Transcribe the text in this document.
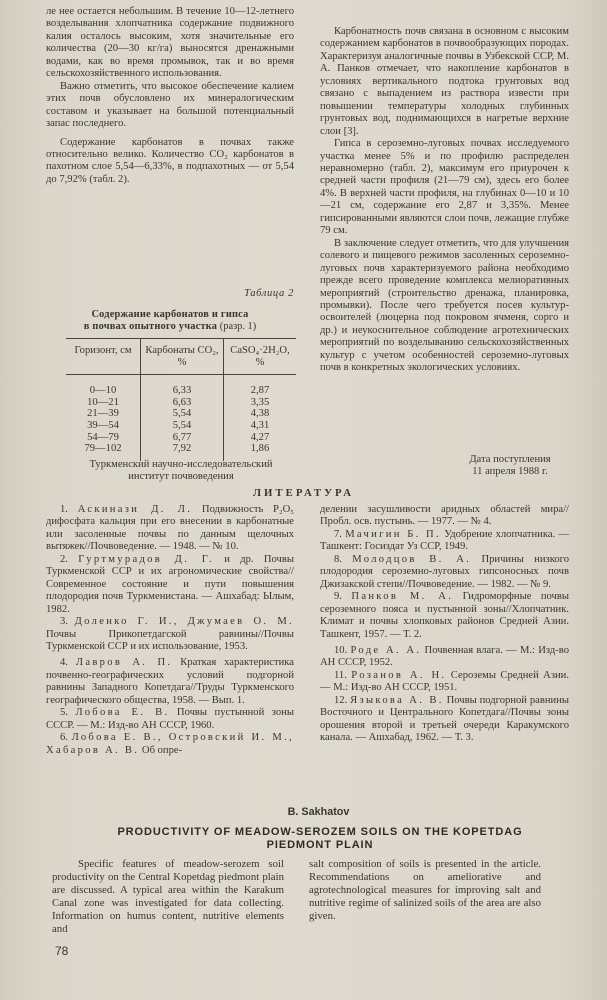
ле нее остается небольшим. В течение 10—12-летнего возделывания хлопчатника содержание подвижного калия осталось высоким, хотя значительные его количества (20—30 кг/га) выносятся дренажными водами, как во время промывок, так и во время сельскохозяйственного использования.

Важно отметить, что высокое обеспечение калием этих почв обусловлено их минералогическим составом и указывает на большой потенциальный запас последнего.

Содержание карбонатов в почвах также относительно велико. Количество CO₂ карбонатов в пахотном слое 5,54—6,33%, в подпахотных — от 5,54 до 7,92% (табл. 2).

Таблица 2
Содержание карбонатов и гипса
в почвах опытного участка (разр. 1)
Горизонт, см	Карбонаты CO₂, %	CaSO₄·2H₂O, %
0—10	6,33	2,87
10—21	6,63	3,35
21—39	5,54	4,38
39—54	5,54	4,31
54—79	6,77	4,27
79—102	7,92	1,86
Туркменский научно-исследовательский
институт почвоведения

Карбонатность почв связана в основном с высоким содержанием карбонатов в почвообразующих породах. Характеризуя аналогичные почвы в Узбекской ССР, М. А. Панков отмечает, что накопление карбонатов в условиях вертикального подтока грунтовых вод связано с выпадением из раствора извести при повышении температуры холодных глубинных грунтовых вод, поднимающихся в нагретые верхние слои [3].

Гипса в сероземно-луговых почвах исследуемого участка менее 5% и по профилю распределен неравномерно (табл. 2), максимум его приурочен к средней части профиля (21—79 см), здесь его более 4%. В верхней части профиля, на глубинах 0—10 и 10—21 см, содержание его 2,87 и 3,35%. Менее гипсированными являются слои почв, лежащие глубже 79 см.

В заключение следует отметить, что для улучшения солевого и пищевого режимов засоленных сероземно-луговых почв характеризуемого района необходимо прежде всего проведение комплекса мелиоративных мероприятий (строительство дренажа, планировка, промывки). После чего требуется посев культур-освоителей (люцерна под покровом ячменя, сорго и др.) и неукоснительное соблюдение агротехнических мероприятий по возделыванию сельскохозяйственных культур с учетом особенностей сероземно-луговых почв в конкретных экологических условиях.

Дата поступления
11 апреля 1988 г.
ЛИТЕРАТУРА

1. Аскинази Д. Л. Подвижность P₂O₅ дифосфата кальция при его внесении в карбонатные или засоленные почвы по данным щелочных вытяжек//Почвоведение. — 1948. — № 10.

2. Гуртмурадов Д. Г. и др. Почвы Туркменской ССР и их агрономические свойства//Современное состояние и пути повышения плодородия почв Туркменистана. — Ашхабад: Ылым, 1982.

3. Доленко Г. И., Джумаев О. М. Почвы Прикопетдагской равнины//Почвы Туркменской ССР и их использование, 1953.

4. Лавров А. П. Краткая характеристика почвенно-географических условий подгорной равнины Западного Копетдага//Труды Туркменского географического общества, 1958. — Вып. 1.

5. Лобова Е. В. Почвы пустынной зоны СССР. — М.: Изд-во АН СССР, 1960.

6. Лобова Е. В., Островский И. М., Хабаров А. В. Об опре-

делении засушливости аридных областей мира//Пробл. осв. пустынь. — 1977. — № 4.

7. Мачигин Б. П. Удобрение хлопчатника. — Ташкент: Госиздат Уз ССР, 1949.

8. Молодцов В. А. Причины низкого плодородия сероземно-луговых гипсоносных почв Джизакской степи//Почвоведение. — 1982. — № 9.

9. Панков М. А. Гидроморфные почвы сероземного пояса и пустынной зоны//Хлопчатник. Климат и почвы хлопковых районов Средней Азии. Ташкент, 1957. — Т. 2.

10. Роде А. А. Почвенная влага. — М.: Изд-во АН СССР, 1952.

11. Розанов А. Н. Сероземы Средней Азии. — М.: Изд-во АН СССР, 1951.

12. Языкова А. В. Почвы подгорной равнины Восточного и Центрального Копетдага//Почвы зоны орошения второй и третьей очереди Каракумского канала. — Ашхабад, 1962. — Т. 3.

B. Sakhatov
PRODUCTIVITY OF MEADOW-SEROZEM SOILS ON THE KOPETDAG
PIEDMONT PLAIN

Specific features of meadow-serozem soil productivity on the Central Kopetdag piedmont plain are discussed. A typical area within the Karakum Canal zone was investigated for data collecting. Information on humus content, nutritive elements and

salt composition of soils is presented in the article. Recommendations on ameliorative and agrotechnological measures for improving salt and nutritive regime of salinized soils of the area are also given.

78
